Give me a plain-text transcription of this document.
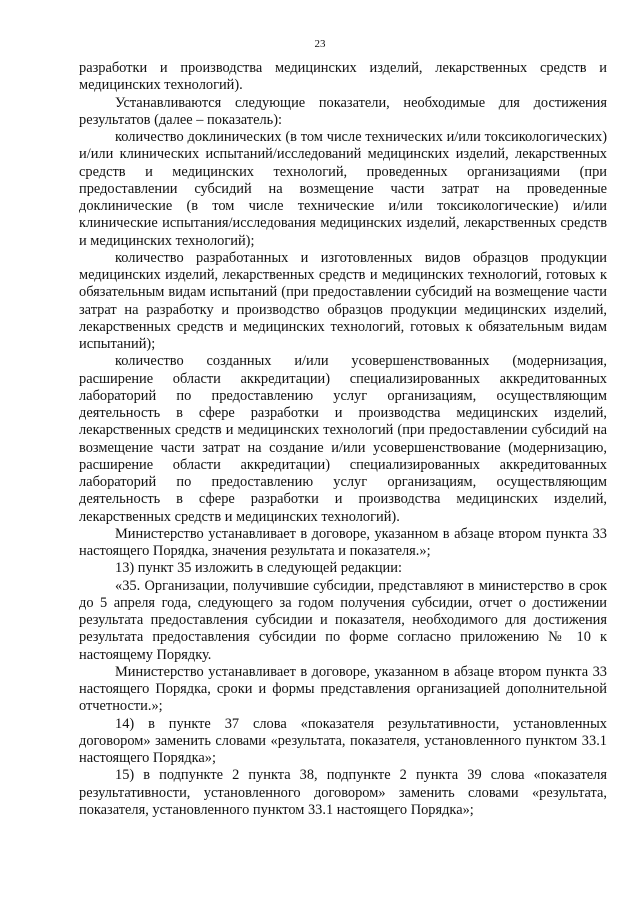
23

разработки и производства медицинских изделий, лекарственных средств и медицинских технологий).

Устанавливаются следующие показатели, необходимые для достижения результатов (далее – показатель):

количество доклинических (в том числе технических и/или токсикологических) и/или клинических испытаний/исследований медицинских изделий, лекарственных средств и медицинских технологий, проведенных организациями (при предоставлении субсидий на возмещение части затрат на проведенные доклинические (в том числе технические и/или токсикологические) и/или клинические испытания/исследования медицинских изделий, лекарственных средств и медицинских технологий);

количество разработанных и изготовленных видов образцов продукции медицинских изделий, лекарственных средств и медицинских технологий, готовых к обязательным видам испытаний (при предоставлении субсидий на возмещение части затрат на разработку и производство образцов продукции медицинских изделий, лекарственных средств и медицинских технологий, готовых к обязательным видам испытаний);

количество созданных и/или усовершенствованных (модернизация, расширение области аккредитации) специализированных аккредитованных лабораторий по предоставлению услуг организациям, осуществляющим деятельность в сфере разработки и производства медицинских изделий, лекарственных средств и медицинских технологий (при предоставлении субсидий на возмещение части затрат на создание и/или усовершенствование (модернизацию, расширение области аккредитации) специализированных аккредитованных лабораторий по предоставлению услуг организациям, осуществляющим деятельность в сфере разработки и производства медицинских изделий, лекарственных средств и медицинских технологий).

Министерство устанавливает в договоре, указанном в абзаце втором пункта 33 настоящего Порядка, значения результата и показателя.»;

13) пункт 35 изложить в следующей редакции:

«35. Организации, получившие субсидии, представляют в министерство в срок до 5 апреля года, следующего за годом получения субсидии, отчет о достижении результата предоставления субсидии и показателя, необходимого для достижения результата предоставления субсидии по форме согласно приложению № 10 к настоящему Порядку.

Министерство устанавливает в договоре, указанном в абзаце втором пункта 33 настоящего Порядка, сроки и формы представления организацией дополнительной отчетности.»;

14) в пункте 37 слова «показателя результативности, установленных договором» заменить словами «результата, показателя, установленного пунктом 33.1 настоящего Порядка»;

15) в подпункте 2 пункта 38, подпункте 2 пункта 39 слова «показателя результативности, установленного договором» заменить словами «результата, показателя, установленного пунктом 33.1 настоящего Порядка»;
